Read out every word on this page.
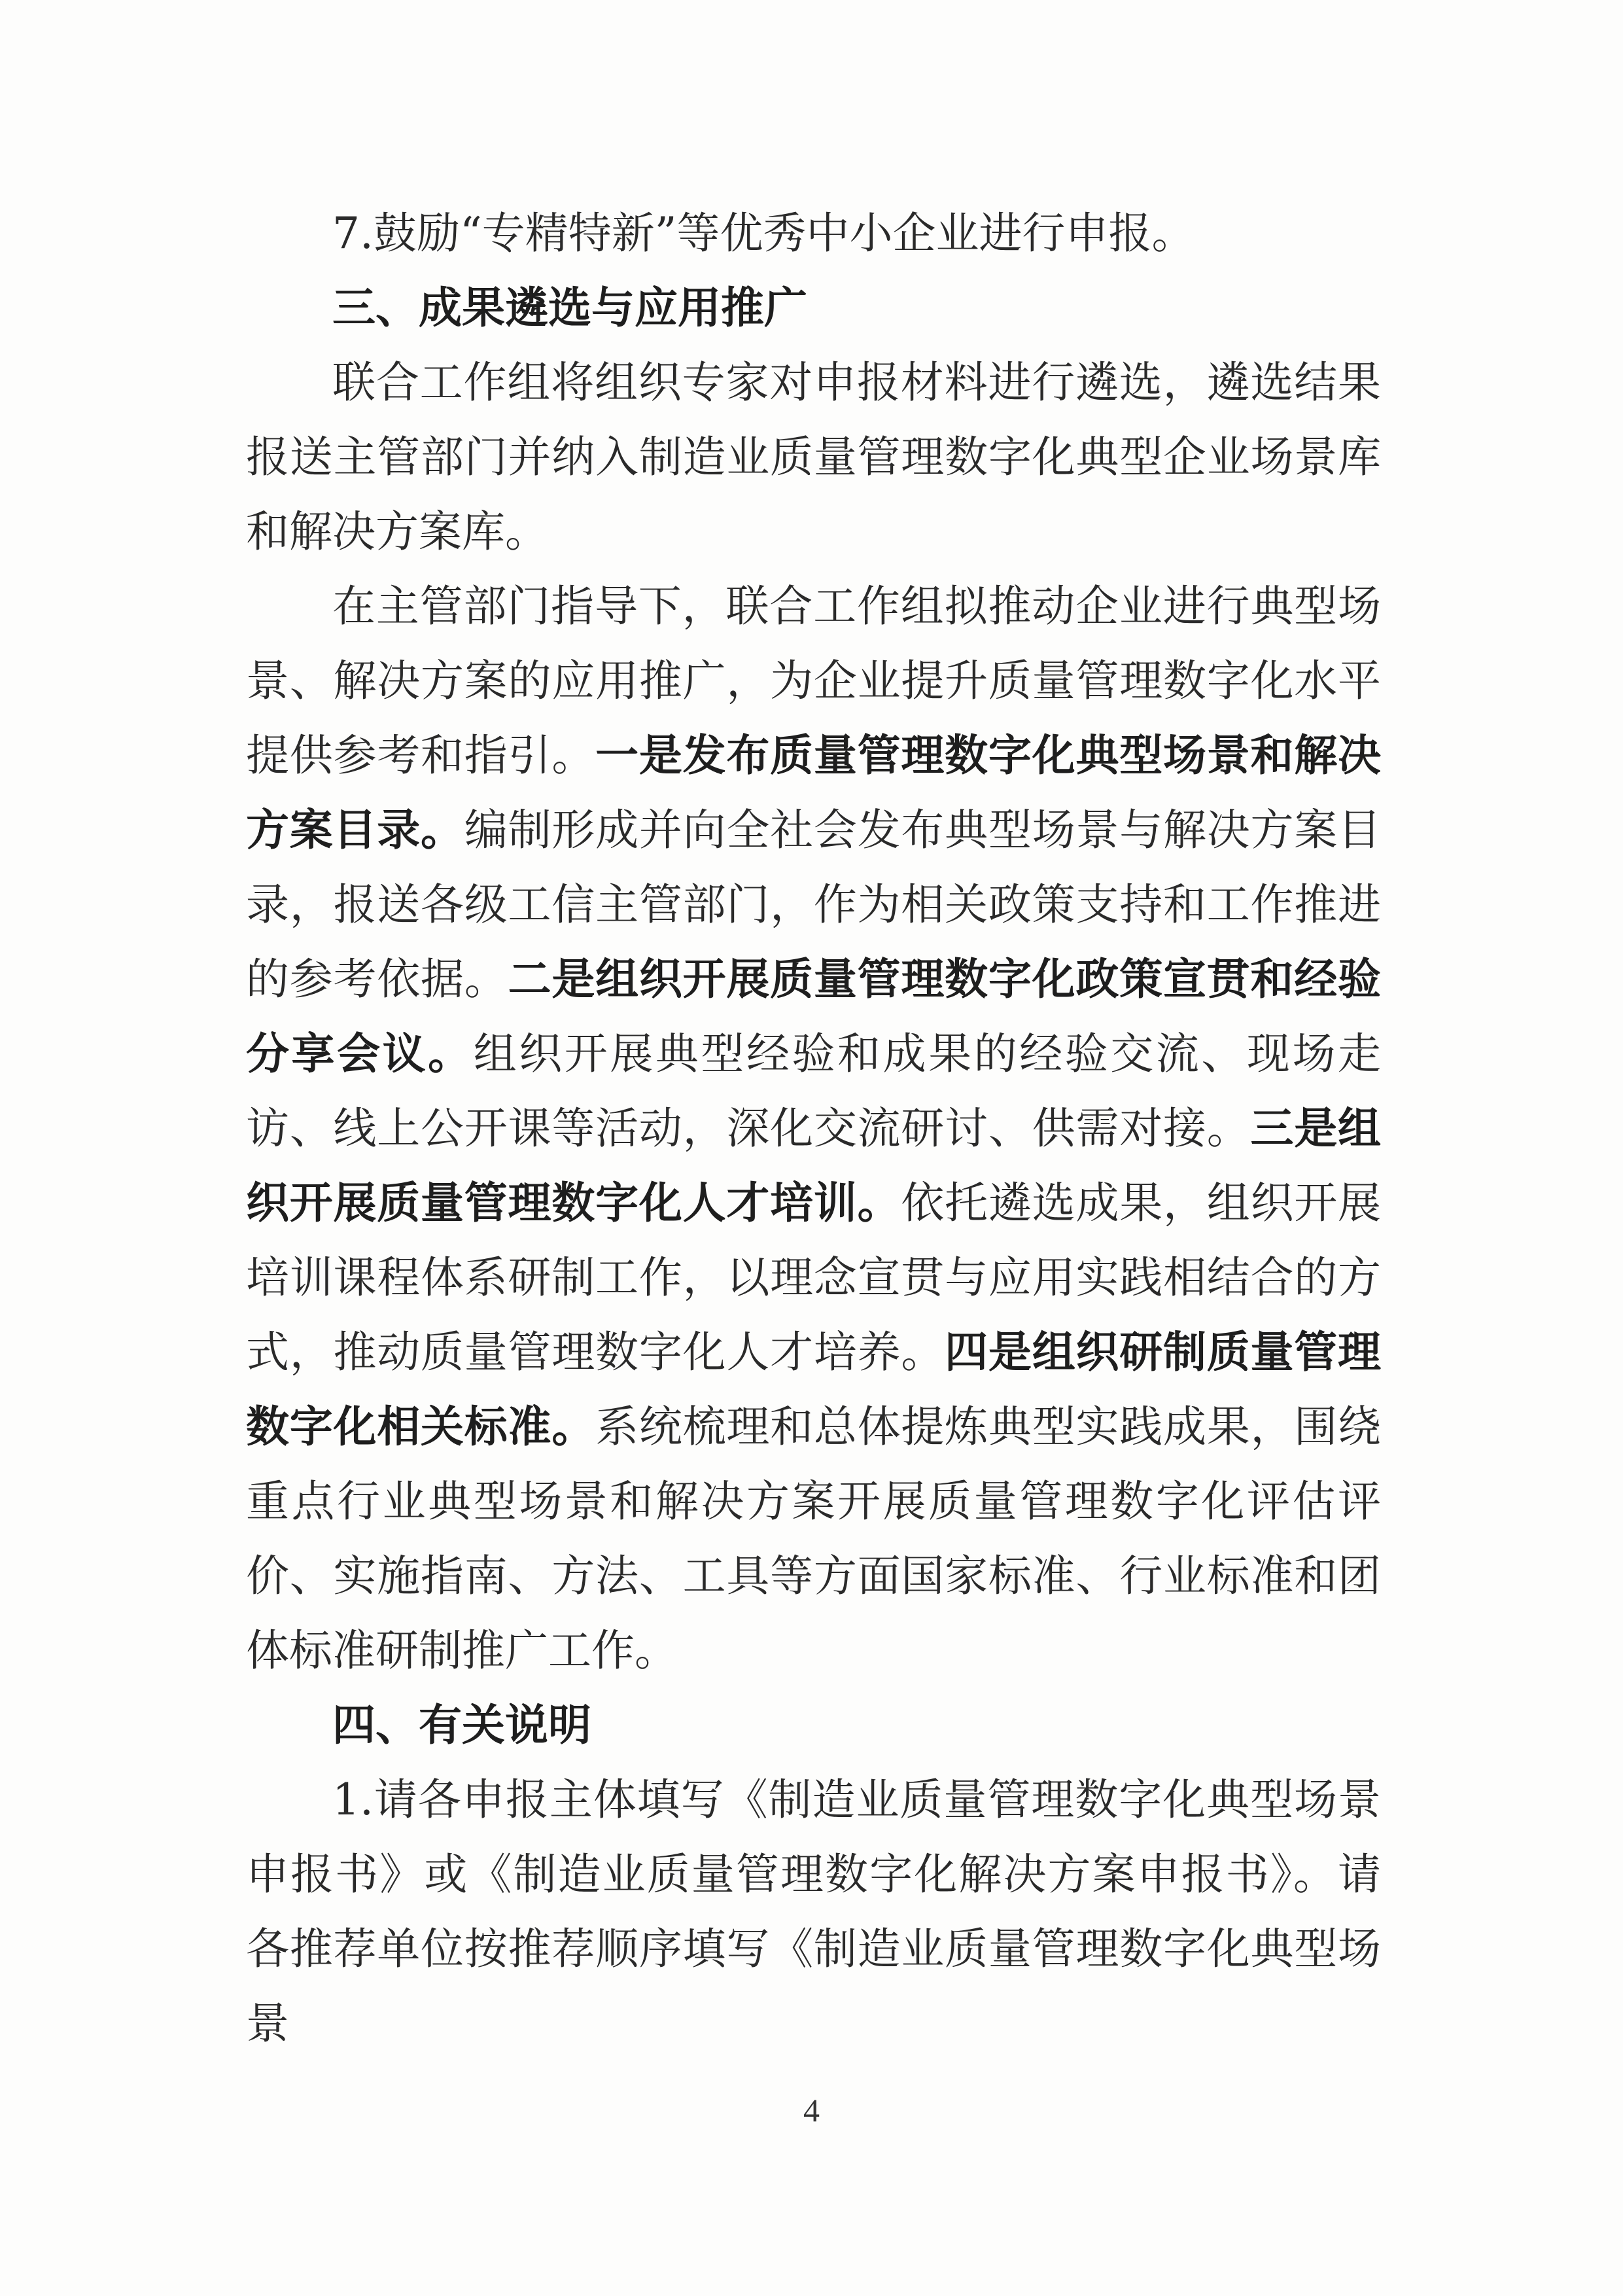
7.鼓励“专精特新”等优秀中小企业进行申报。

三、成果遴选与应用推广

联合工作组将组织专家对申报材料进行遴选，遴选结果报送主管部门并纳入制造业质量管理数字化典型企业场景库和解决方案库。

在主管部门指导下，联合工作组拟推动企业进行典型场景、解决方案的应用推广，为企业提升质量管理数字化水平提供参考和指引。一是发布质量管理数字化典型场景和解决方案目录。编制形成并向全社会发布典型场景与解决方案目录，报送各级工信主管部门，作为相关政策支持和工作推进的参考依据。二是组织开展质量管理数字化政策宣贯和经验分享会议。组织开展典型经验和成果的经验交流、现场走访、线上公开课等活动，深化交流研讨、供需对接。三是组织开展质量管理数字化人才培训。依托遴选成果，组织开展培训课程体系研制工作，以理念宣贯与应用实践相结合的方式，推动质量管理数字化人才培养。四是组织研制质量管理数字化相关标准。系统梳理和总体提炼典型实践成果，围绕重点行业典型场景和解决方案开展质量管理数字化评估评价、实施指南、方法、工具等方面国家标准、行业标准和团体标准研制推广工作。

四、有关说明

1.请各申报主体填写《制造业质量管理数字化典型场景申报书》或《制造业质量管理数字化解决方案申报书》。请各推荐单位按推荐顺序填写《制造业质量管理数字化典型场景

4
